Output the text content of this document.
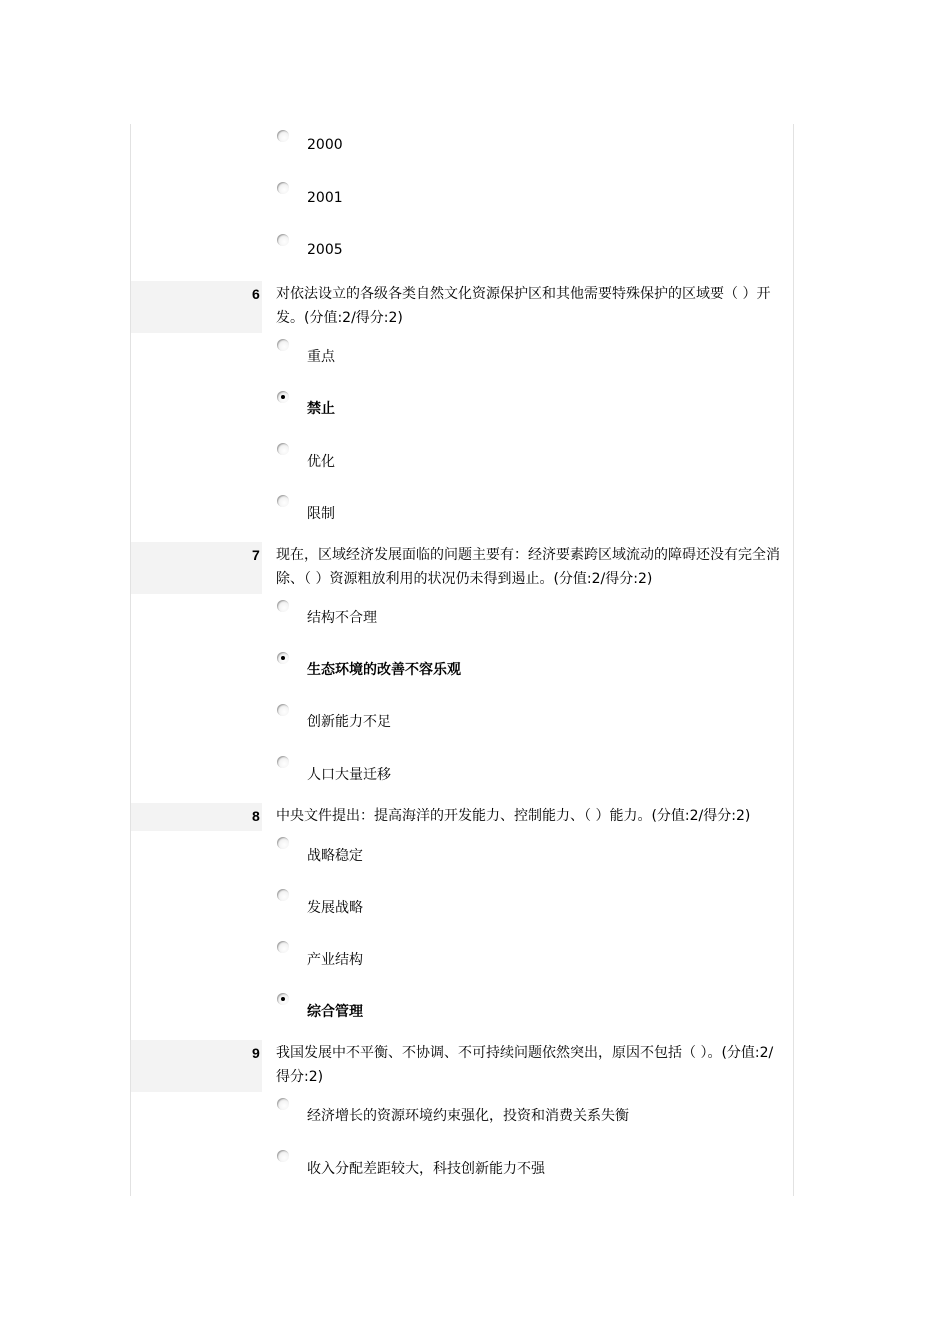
2000
2001
2005
6	对依法设立的各级各类自然文化资源保护区和其他需要特殊保护的区域要（ ）开
发。(分值:2/得分:2)
重点
禁止
优化
限制
7	现在，区域经济发展面临的问题主要有：经济要素跨区域流动的障碍还没有完全消
除、（ ）资源粗放利用的状况仍未得到遏止。(分值:2/得分:2)
结构不合理
生态环境的改善不容乐观
创新能力不足
人口大量迁移
8	中央文件提出：提高海洋的开发能力、控制能力、（ ）能力。(分值:2/得分:2)
战略稳定
发展战略
产业结构
综合管理
9	我国发展中不平衡、不协调、不可持续问题依然突出，原因不包括（ ）。(分值:2/
得分:2)
经济增长的资源环境约束强化，投资和消费关系失衡
收入分配差距较大，科技创新能力不强
